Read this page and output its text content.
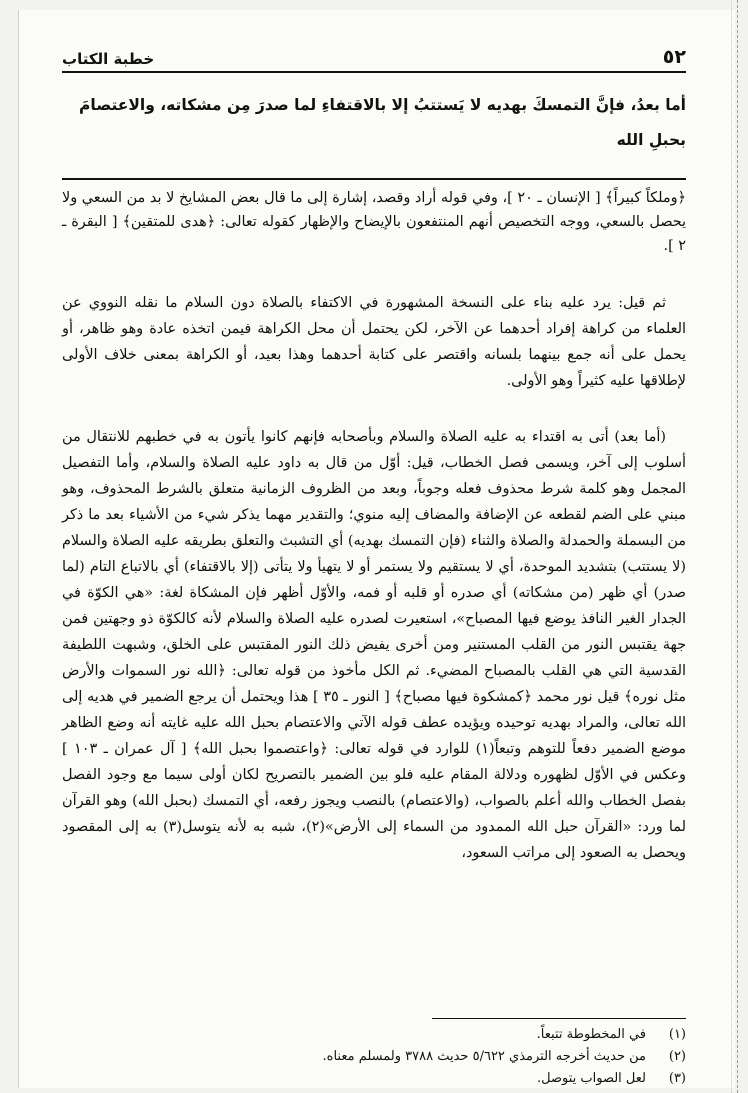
٥٢
خطبة الكتاب

أما بعدُ، فإنَّ التمسكَ بهديه لا يَستتبُ إلا بالاقتفاءِ لما صدرَ مِن مشكاته، والاعتصامَ

بحبلِ الله

﴿وملكاً كبيراً﴾ [ الإنسان ـ ٢٠ ]، وفي قوله أراد وقصد، إشارة إلى ما قال بعض المشايخ لا بد من السعي ولا يحصل بالسعي، ووجه التخصيص أنهم المنتفعون بالإيضاح والإظهار كقوله تعالى: ﴿هدى للمتقين﴾ [ البقرة ـ ٢ ].

ثم قيل: يرد عليه بناء على النسخة المشهورة في الاكتفاء بالصلاة دون السلام ما نقله النووي عن العلماء من كراهة إفراد أحدهما عن الآخر، لكن يحتمل أن محل الكراهة فيمن اتخذه عادة وهو ظاهر، أو يحمل على أنه جمع بينهما بلسانه واقتصر على كتابة أحدهما وهذا بعيد، أو الكراهة بمعنى خلاف الأولى لإطلاقها عليه كثيراً وهو الأولى.

(أما بعد) أتى به اقتداء به عليه الصلاة والسلام وبأصحابه فإنهم كانوا يأتون به في خطبهم للانتقال من أسلوب إلى آخر، ويسمى فصل الخطاب، قيل: أوّل من قال به داود عليه الصلاة والسلام، وأما التفصيل المجمل وهو كلمة شرط محذوف فعله وجوباً، وبعد من الظروف الزمانية متعلق بالشرط المحذوف، وهو مبني على الضم لقطعه عن الإضافة والمضاف إليه منوي؛ والتقدير مهما يذكر شيء من الأشياء بعد ما ذكر من البسملة والحمدلة والصلاة والثناء (فإن التمسك بهديه) أي التشبث والتعلق بطريقه عليه الصلاة والسلام (لا يستتب) بتشديد الموحدة، أي لا يستقيم ولا يستمر أو لا يتهيأ ولا يتأتى (إلا بالاقتفاء) أي بالاتباع التام (لما صدر) أي ظهر (من مشكاته) أي صدره أو قلبه أو فمه، والأوّل أظهر فإن المشكاة لغة: «هي الكوّة في الجدار الغير النافذ يوضع فيها المصباح»، استعيرت لصدره عليه الصلاة والسلام لأنه كالكوّة ذو وجهتين فمن جهة يقتبس النور من القلب المستنير ومن أخرى يفيض ذلك النور المقتبس على الخلق، وشبهت اللطيفة القدسية التي هي القلب بالمصباح المضيء. ثم الكل مأخوذ من قوله تعالى: ﴿الله نور السموات والأرض مثل نوره﴾ قيل نور محمد ﴿كمشكوة فيها مصباح﴾ [ النور ـ ٣٥ ] هذا ويحتمل أن يرجع الضمير في هديه إلى الله تعالى، والمراد بهديه توحيده ويؤيده عطف قوله الآتي والاعتصام بحبل الله عليه غايته أنه وضع الظاهر موضع الضمير دفعاً للتوهم وتبعاً(١) للوارد في قوله تعالى: ﴿واعتصموا بحبل الله﴾ [ آل عمران ـ ١٠٣ ] وعكس في الأوّل لظهوره ودلالة المقام عليه فلو بين الضمير بالتصريح لكان أولى سيما مع وجود الفصل بفصل الخطاب والله أعلم بالصواب، (والاعتصام) بالنصب ويجوز رفعه، أي التمسك (بحبل الله) وهو القرآن لما ورد: «القرآن حبل الله الممدود من السماء إلى الأرض»(٢)، شبه به لأنه يتوسل(٣) به إلى المقصود ويحصل به الصعود إلى مراتب السعود،

(١)
في المخطوطة تتبعاً.
(٢)
من حديث أخرجه الترمذي ٥/٦٢٢ حديث ٣٧٨٨ ولمسلم معناه.
(٣)
لعل الصواب يتوصل.
